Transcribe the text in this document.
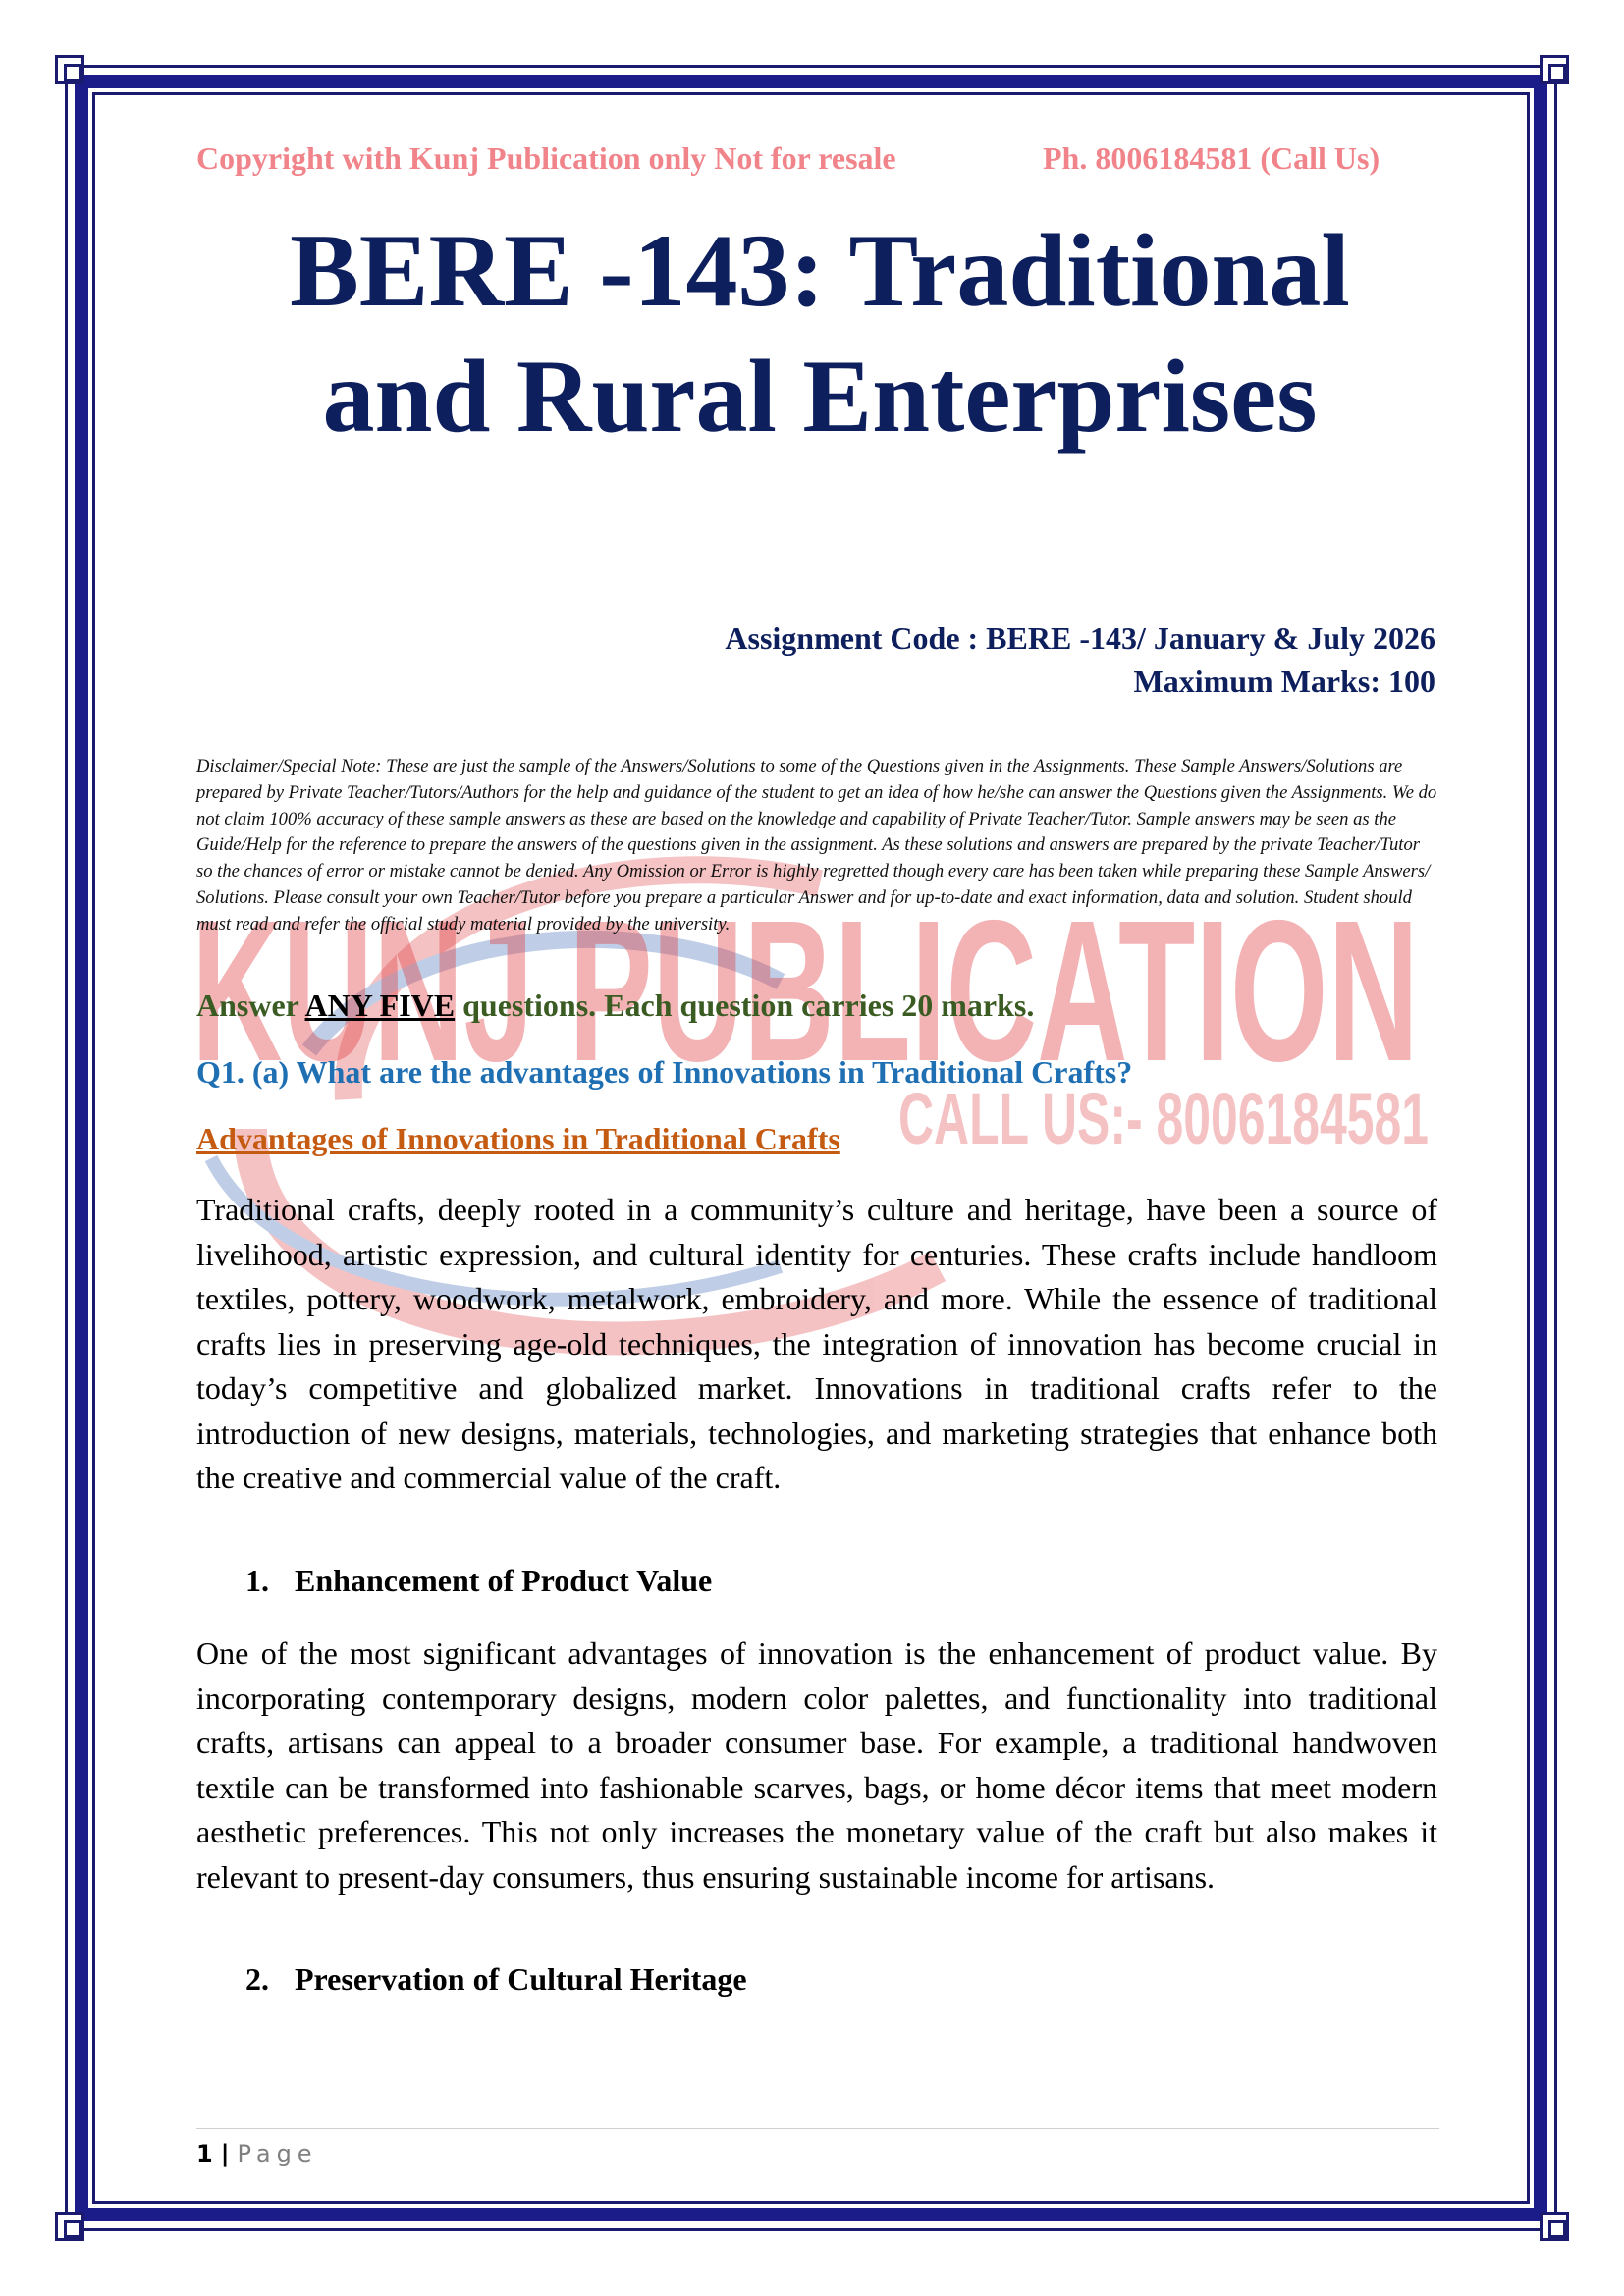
KUNJ PUBLICATION
CALL US:- 8006184581
Copyright with Kunj Publication only Not for resale	Ph. 8006184581 (Call Us)
BERE -143: Traditional
and Rural Enterprises
Assignment Code : BERE -143/ January & July 2026
Maximum Marks: 100
Disclaimer/Special Note: These are just the sample of the Answers/Solutions to some of the Questions given in the Assignments. These Sample Answers/Solutions are prepared by Private Teacher/Tutors/Authors for the help and guidance of the student to get an idea of how he/she can answer the Questions given the Assignments. We do not claim 100% accuracy of these sample answers as these are based on the knowledge and capability of Private Teacher/Tutor. Sample answers may be seen as the Guide/Help for the reference to prepare the answers of the questions given in the assignment. As these solutions and answers are prepared by the private Teacher/Tutor so the chances of error or mistake cannot be denied. Any Omission or Error is highly regretted though every care has been taken while preparing these Sample Answers/ Solutions. Please consult your own Teacher/Tutor before you prepare a particular Answer and for up-to-date and exact information, data and solution. Student should must read and refer the official study material provided by the university.
Answer ANY FIVE questions. Each question carries 20 marks.
Q1. (a) What are the advantages of Innovations in Traditional Crafts?
Advantages of Innovations in Traditional Crafts
Traditional crafts, deeply rooted in a community’s culture and heritage, have been a source of livelihood, artistic expression, and cultural identity for centuries. These crafts include handloom textiles, pottery, woodwork, metalwork, embroidery, and more. While the essence of traditional crafts lies in preserving age-old techniques, the integration of innovation has become crucial in today’s competitive and globalized market. Innovations in traditional crafts refer to the introduction of new designs, materials, technologies, and marketing strategies that enhance both the creative and commercial value of the craft.
1. Enhancement of Product Value
One of the most significant advantages of innovation is the enhancement of product value. By incorporating contemporary designs, modern color palettes, and functionality into traditional crafts, artisans can appeal to a broader consumer base. For example, a traditional handwoven textile can be transformed into fashionable scarves, bags, or home décor items that meet modern aesthetic preferences. This not only increases the monetary value of the craft but also makes it relevant to present-day consumers, thus ensuring sustainable income for artisans.
2. Preservation of Cultural Heritage
1 | Page
